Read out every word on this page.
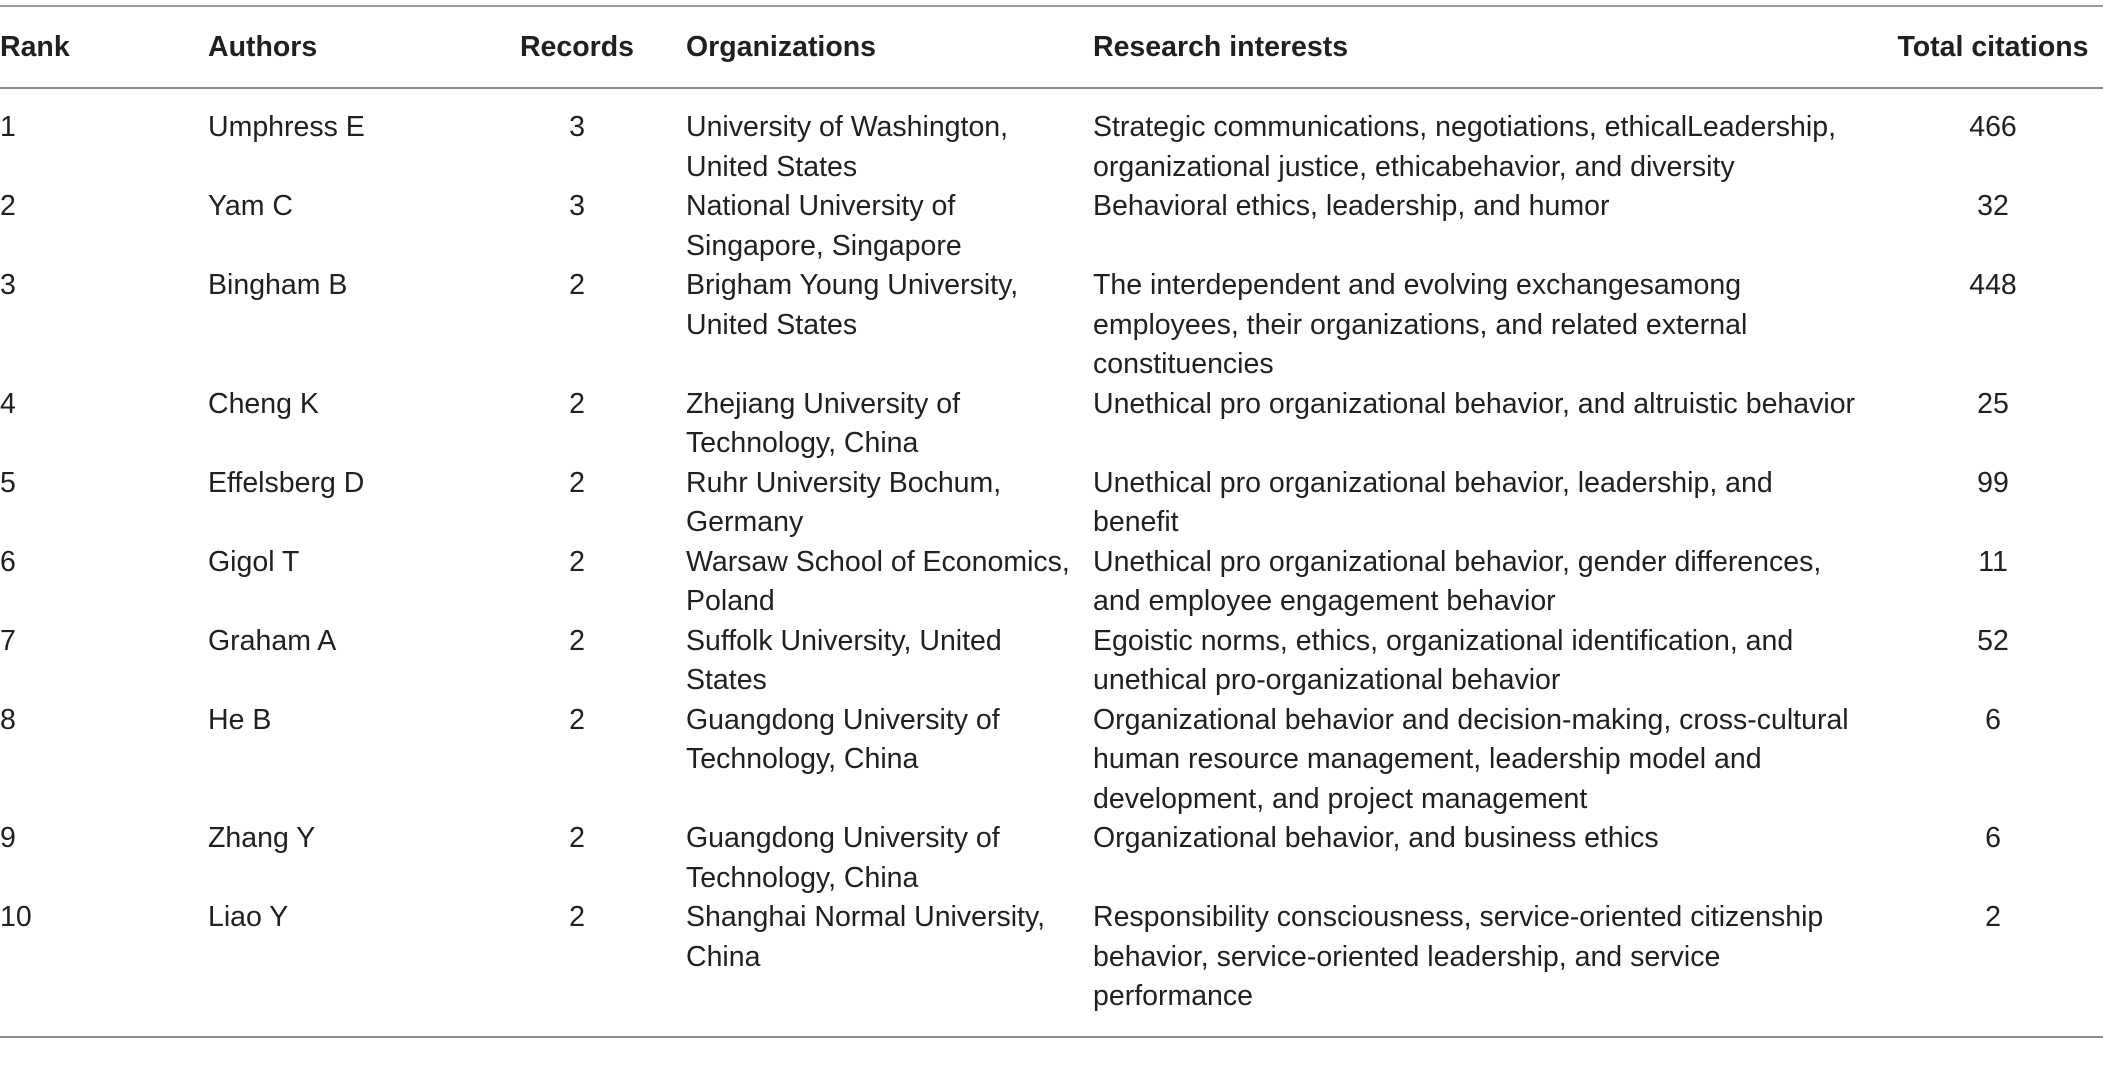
Rank	Authors	Records	Organizations	Research interests	Total citations
1	Umphress E	3	University of Washington, United States	Strategic communications, negotiations, ethicalLeadership, organizational justice, ethicabehavior, and diversity	466
2	Yam C	3	National University of Singapore, Singapore	Behavioral ethics, leadership, and humor	32
3	Bingham B	2	Brigham Young University, United States	The interdependent and evolving exchangesamong employees, their organizations, and related external constituencies	448
4	Cheng K	2	Zhejiang University of Technology, China	Unethical pro organizational behavior, and altruistic behavior	25
5	Effelsberg D	2	Ruhr University Bochum, Germany	Unethical pro organizational behavior, leadership, and benefit	99
6	Gigol T	2	Warsaw School of Economics, Poland	Unethical pro organizational behavior, gender differences, and employee engagement behavior	11
7	Graham A	2	Suffolk University, United States	Egoistic norms, ethics, organizational identification, and unethical pro-organizational behavior	52
8	He B	2	Guangdong University of Technology, China	Organizational behavior and decision-making, cross-cultural human resource management, leadership model and development, and project management	6
9	Zhang Y	2	Guangdong University of Technology, China	Organizational behavior, and business ethics	6
10	Liao Y	2	Shanghai Normal University, China	Responsibility consciousness, service-oriented citizenship behavior, service-oriented leadership, and service performance	2
